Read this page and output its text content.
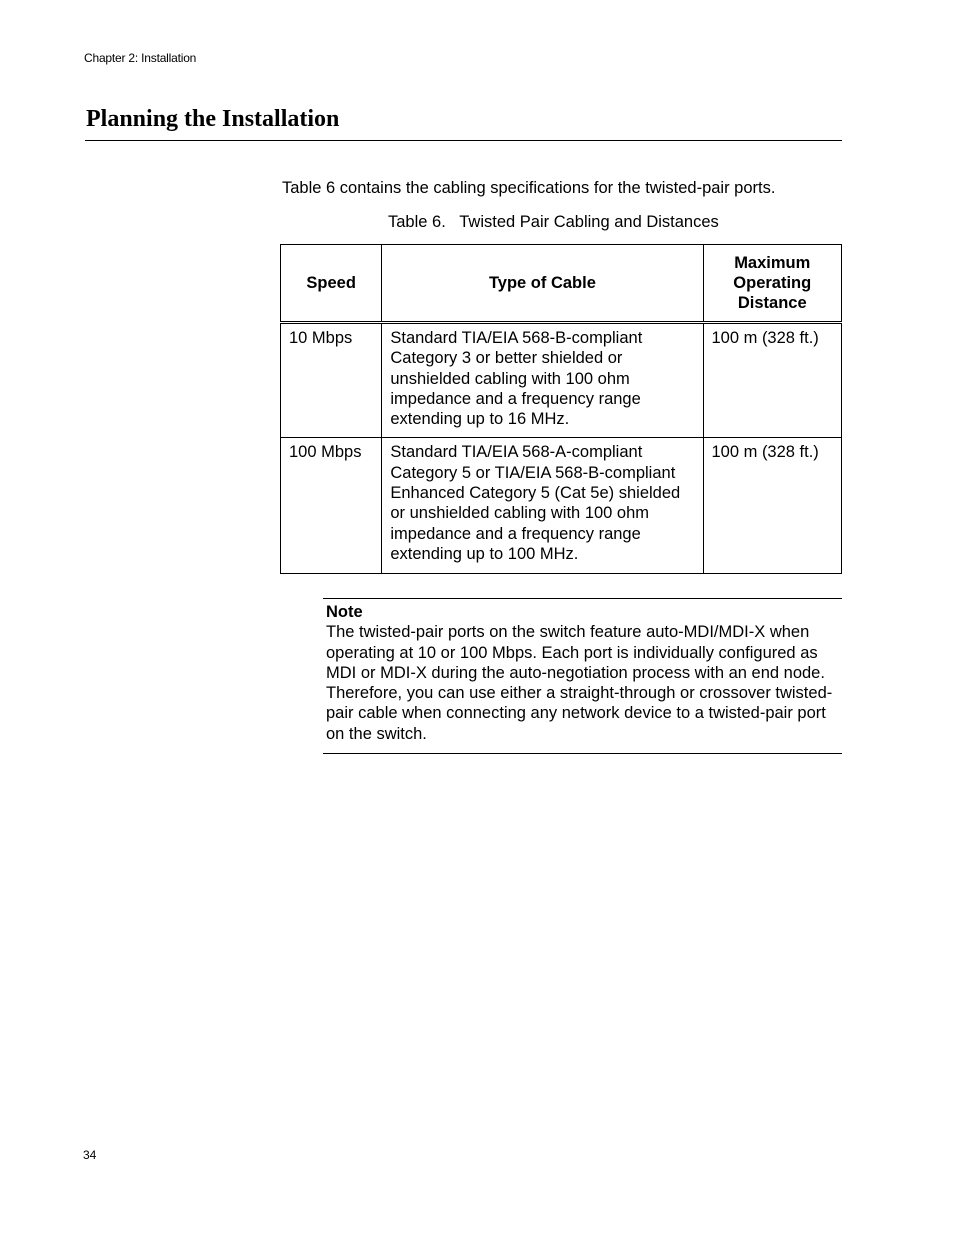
Chapter 2: Installation
Planning the Installation

Table 6 contains the cabling specifications for the twisted-pair ports.

Table 6.   Twisted Pair Cabling and Distances

Speed	Type of Cable	Maximum Operating Distance

10 Mbps	Standard TIA/EIA 568-B-compliant Category 3 or better shielded or unshielded cabling with 100 ohm impedance and a frequency range extending up to 16 MHz.	100 m (328 ft.)

100 Mbps	Standard TIA/EIA 568-A-compliant Category 5 or TIA/EIA 568-B-compliant Enhanced Category 5 (Cat 5e) shielded or unshielded cabling with 100 ohm impedance and a frequency range extending up to 100 MHz.	100 m (328 ft.)
Note
The twisted-pair ports on the switch feature auto-MDI/MDI-X when operating at 10 or 100 Mbps. Each port is individually configured as MDI or MDI-X during the auto-negotiation process with an end node. Therefore, you can use either a straight-through or crossover twisted-pair cable when connecting any network device to a twisted-pair port on the switch.
34
